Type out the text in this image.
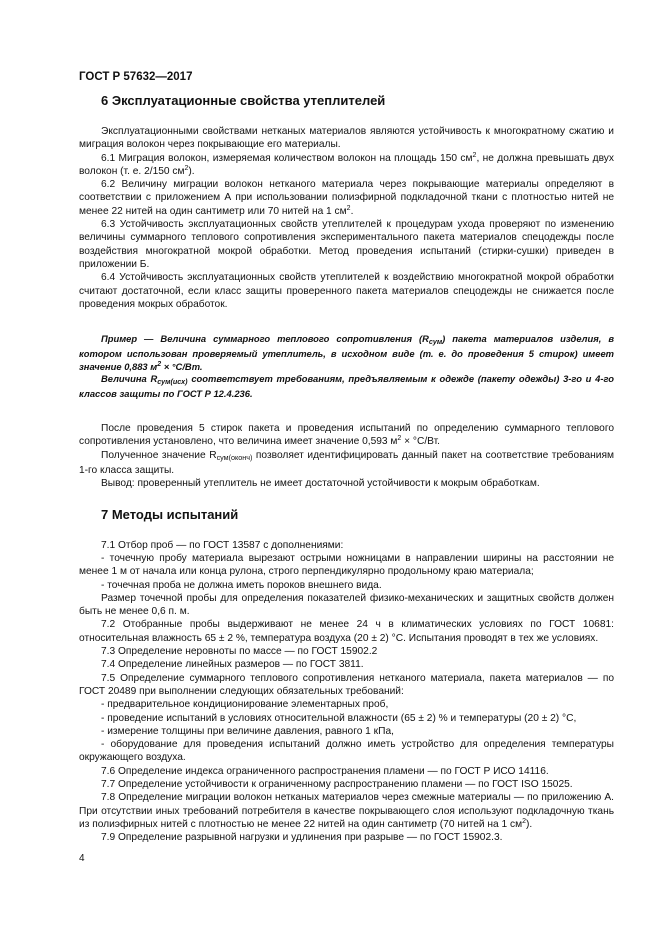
ГОСТ Р 57632—2017
6 Эксплуатационные свойства утеплителей

Эксплуатационными свойствами нетканых материалов являются устойчивость к многократному сжатию и миграция волокон через покрывающие его материалы.

6.1 Миграция волокон, измеряемая количеством волокон на площадь 150 $см^2$, не должна превышать двух волокон (т. е. 2/150 $см^2$).

6.2 Величину миграции волокон нетканого материала через покрывающие материалы определяют в соответствии с приложением А при использовании полиэфирной подкладочной ткани с плотностью нитей не менее 22 нитей на один сантиметр или 70 нитей на 1 $см^2$.

6.3 Устойчивость эксплуатационных свойств утеплителей к процедурам ухода проверяют по изменению величины суммарного теплового сопротивления экспериментального пакета материалов спецодежды после воздействия многократной мокрой обработки. Метод проведения испытаний (стирки-сушки) приведен в приложении Б.

6.4 Устойчивость эксплуатационных свойств утеплителей к воздействию многократной мокрой обработки считают достаточной, если класс защиты проверенного пакета материалов спецодежды не снижается после проведения мокрых обработок.

Пример — Величина суммарного теплового сопротивления $(R_{сум})$ пакета материалов изделия, в котором использован проверяемый утеплитель, в исходном виде (т. е. до проведения 5 стирок) имеет значение 0,883 $м^2 \times ^\circ С/Вт$.

Величина $R_{сум(исх)}$ соответствует требованиям, предъявляемым к одежде (пакету одежды) 3-го и 4-го классов защиты по ГОСТ Р 12.4.236.

После проведения 5 стирок пакета и проведения испытаний по определению суммарного теплового сопротивления установлено, что величина имеет значение 0,593 $м^2 \times ^\circ С/Вт$.

Полученное значение $R_{сум(оконч)}$ позволяет идентифицировать данный пакет на соответствие требованиям 1-го класса защиты.

Вывод: проверенный утеплитель не имеет достаточной устойчивости к мокрым обработкам.

7 Методы испытаний

7.1 Отбор проб — по ГОСТ 13587 с дополнениями:

- точечную пробу материала вырезают острыми ножницами в направлении ширины на расстоянии не менее 1 м от начала или конца рулона, строго перпендикулярно продольному краю материала;

- точечная проба не должна иметь пороков внешнего вида.

Размер точечной пробы для определения показателей физико-механических и защитных свойств должен быть не менее 0,6 п. м.

7.2 Отобранные пробы выдерживают не менее 24 ч в климатических условиях по ГОСТ 10681: относительная влажность 65 ± 2 %, температура воздуха (20 ± 2) °С. Испытания проводят в тех же условиях.

7.3 Определение неровноты по массе — по ГОСТ 15902.2

7.4 Определение линейных размеров — по ГОСТ 3811.

7.5 Определение суммарного теплового сопротивления нетканого материала, пакета материалов — по ГОСТ 20489 при выполнении следующих обязательных требований:

- предварительное кондиционирование элементарных проб,

- проведение испытаний в условиях относительной влажности (65 ± 2) % и температуры (20 ± 2) °С,

- измерение толщины при величине давления, равного 1 кПа,

- оборудование для проведения испытаний должно иметь устройство для определения температуры окружающего воздуха.

7.6 Определение индекса ограниченного распространения пламени — по ГОСТ Р ИСО 14116.

7.7 Определение устойчивости к ограниченному распространению пламени — по ГОСТ ISO 15025.

7.8 Определение миграции волокон нетканых материалов через смежные материалы — по приложению А. При отсутствии иных требований потребителя в качестве покрывающего слоя используют подкладочную ткань из полиэфирных нитей с плотностью не менее 22 нитей на один сантиметр (70 нитей на 1 $см^2$).

7.9 Определение разрывной нагрузки и удлинения при разрыве — по ГОСТ 15902.3.

4
